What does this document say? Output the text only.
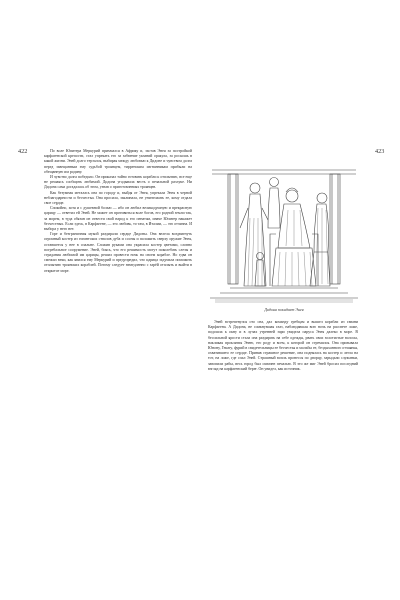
422	423

По воле Юпитера Меркурий примчался в Африку и, застав Энея за постройкой карфагенской крепости, стал упрекать его за забвение укзаний оракула, за роскошь в какой жизни. Эней долго терзался, выбирая между любовью к Дидоне и чувством долга перед завещанным ему судьбой троянцем, тирренским изгнанникам прибыли на обещанную им родину.

И чувство долга победило. Он приказал тайно готовить корабли к отплытию, все еще не решаясь сообщить любимой. Дидона угадывала весть о печальной разлуке. Ни Дидона сама догадалась об этом, узнав о приготовлениях троянцев.

Как безумная металась она по городу и, выйдя от Энея, упрекала Энея в черной неблагодарности и бесчестьи. Она просила, заклинала, не уничтожать ее, кому отдала свое сердце.

Спокойно, хотя и с душевной болью — ибо он любил великодушную и прекрасную царицу — ответил ей Эней. Не может он противиться воле богов, его родной земли так, за морем, в туда обязан он отвести свой народ к его пенатам, иначе Юпитер накажет бесчестных. Если здесь, в Карфагене, — это любовь, то там, в Италии, — это отчизна. И выбора у него нет.

Горе и безграничная мукой раздирали сердце Дидоны. Она велела воздвигнуть огромный костер из гигантских стволов дуба и сосны и положить сверху оружие Энея, оставшееся у нее в спальне. Сложив руками она украсила костер цветами, словно погребальное сооружение. Эней, боясь, что его решимость могут поколебать слезы и страдания любимой им царицы, решил провести ночь на своем корабле. Но едва он смежил веки, как явился ему Меркурий и предупредил, что царица задумала поможить отплытию троянских кораблей. Потому следует немедленно с зарёй отплыть и выйти в открытое море.

Дидона покидает Энея

Эней встрепенулся ото сна, дал команду гребцам и вышел корабли из гавани Карфагена. А Дидона, не сомкнувшая глаз, наблюдавшая всю ночь на рассвете ложе, подошла к окну и в лучах утренней зари увидела паруса Энея далеко в море. В бессильной ярости стала она раздирать на себе одежды, рвать свои золотистые волосы, накликая проклятия Энею, его роду и всем, к которой он стремился. Она призывала Юнону, Гекату, фурий в свидетельницы ее бесчестья и мольбы ее, бездыханного отчаянья, охватившего ее сердце. Приняв страшное решение, она поднялась на костер и легла на тот, на ложе, где спал Эней. Страшный вопль пронесся по дворцу, зарыдали служанки, завопили рабы, весь город был охвачен печалью. В это же миг Эней бросил последний взгляд на карфагенский берег. Он увидел, как источник.
